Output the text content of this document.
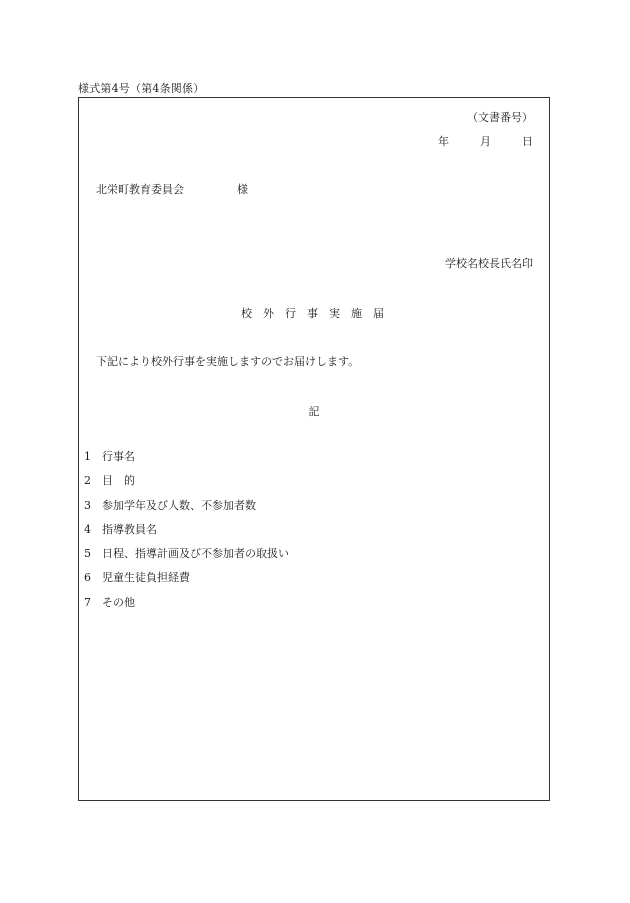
様式第4号（第4条関係）
（文書番号）
年	月	日
北栄町教育委員会	様
学校名校長氏名印
校外行事実施届
下記により校外行事を実施しますのでお届けします。
記
1	行事名
2	目　的
3	参加学年及び人数、不参加者数
4	指導教員名
5	日程、指導計画及び不参加者の取扱い
6	児童生徒負担経費
7	その他
